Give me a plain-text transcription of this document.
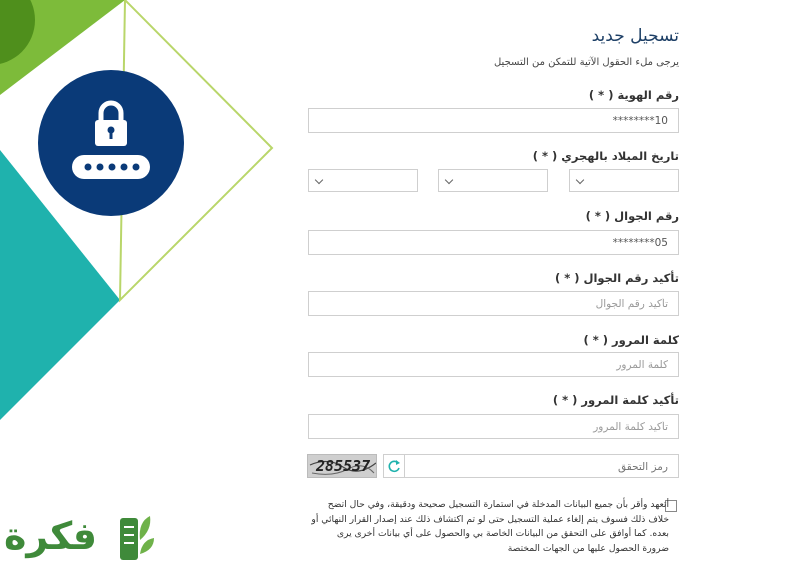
تسجيل جديد
يرجى ملء الحقول الآتية للتمكن من التسجيل
رقم الهوية ( * )
10********
تاريخ الميلاد بالهجري ( * )
رقم الجوال ( * )
05********
تأكيد رقم الجوال ( * )
تأكيد رقم الجوال
كلمة المرور ( * )
تأكيد كلمة المرور ( * )
285537
رمز التحقق
أتعهد وأقر بأن جميع البيانات المدخلة في استمارة التسجيل صحيحة ودقيقة، وفي حال اتضح خلاف ذلك فسوف يتم إلغاء عملية التسجيل حتى لو تم اكتشاف ذلك عند إصدار القرار النهائي أو بعده. كما أوافق على التحقق من البيانات الخاصة بي والحصول على أي بيانات أخرى يرى ضرورة الحصول عليها من الجهات المختصة
فكرة
